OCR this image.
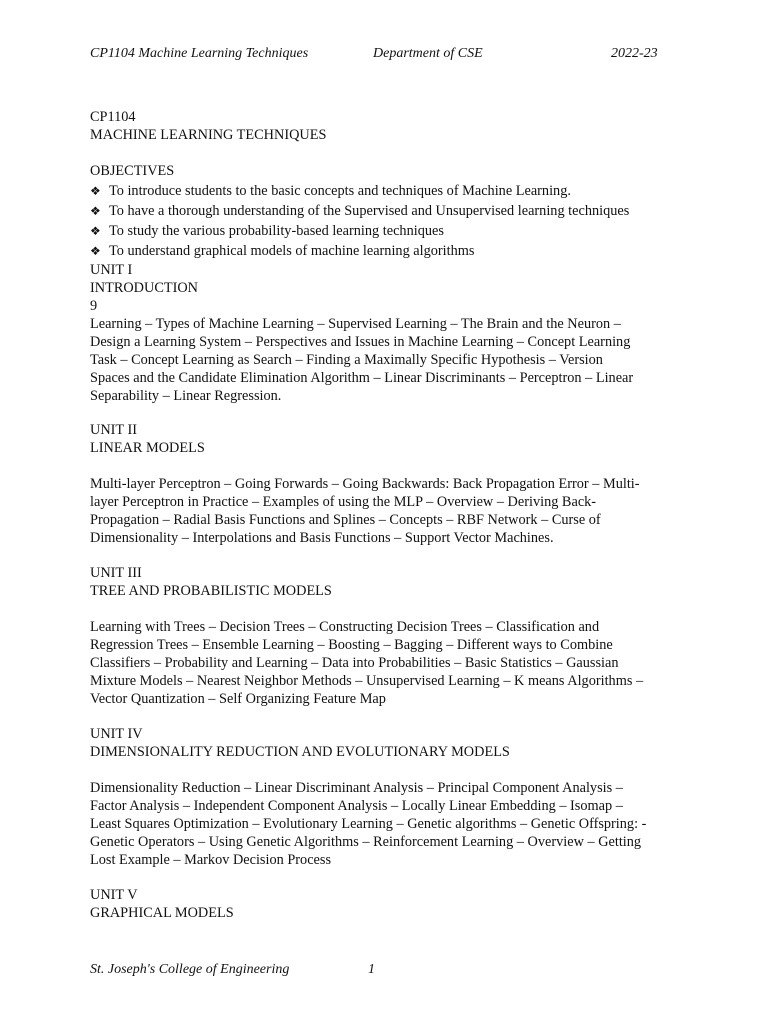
CP1104 Machine Learning Techniques	Department of CSE	2022-23
CP1104
MACHINE LEARNING TECHNIQUES
OBJECTIVES
❖ To introduce students to the basic concepts and techniques of Machine Learning.
❖ To have a thorough understanding of the Supervised and Unsupervised learning techniques
❖ To study the various probability-based learning techniques
❖ To understand graphical models of machine learning algorithms
UNIT I
INTRODUCTION
9
Learning – Types of Machine Learning – Supervised Learning – The Brain and the Neuron –
Design a Learning System – Perspectives and Issues in Machine Learning – Concept Learning
Task – Concept Learning as Search – Finding a Maximally Specific Hypothesis – Version
Spaces and the Candidate Elimination Algorithm – Linear Discriminants – Perceptron – Linear
Separability – Linear Regression.
UNIT II
LINEAR MODELS
Multi-layer Perceptron – Going Forwards – Going Backwards: Back Propagation Error – Multi-
layer Perceptron in Practice – Examples of using the MLP – Overview – Deriving Back-
Propagation – Radial Basis Functions and Splines – Concepts – RBF Network – Curse of
Dimensionality – Interpolations and Basis Functions – Support Vector Machines.
UNIT III
TREE AND PROBABILISTIC MODELS
Learning with Trees – Decision Trees – Constructing Decision Trees – Classification and
Regression Trees – Ensemble Learning – Boosting – Bagging – Different ways to Combine
Classifiers – Probability and Learning – Data into Probabilities – Basic Statistics – Gaussian
Mixture Models – Nearest Neighbor Methods – Unsupervised Learning – K means Algorithms –
Vector Quantization – Self Organizing Feature Map
UNIT IV
DIMENSIONALITY REDUCTION AND EVOLUTIONARY MODELS
Dimensionality Reduction – Linear Discriminant Analysis – Principal Component Analysis –
Factor Analysis – Independent Component Analysis – Locally Linear Embedding – Isomap –
Least Squares Optimization – Evolutionary Learning – Genetic algorithms – Genetic Offspring: -
Genetic Operators – Using Genetic Algorithms – Reinforcement Learning – Overview – Getting
Lost Example – Markov Decision Process
UNIT V
GRAPHICAL MODELS
St. Joseph's College of Engineering	1
